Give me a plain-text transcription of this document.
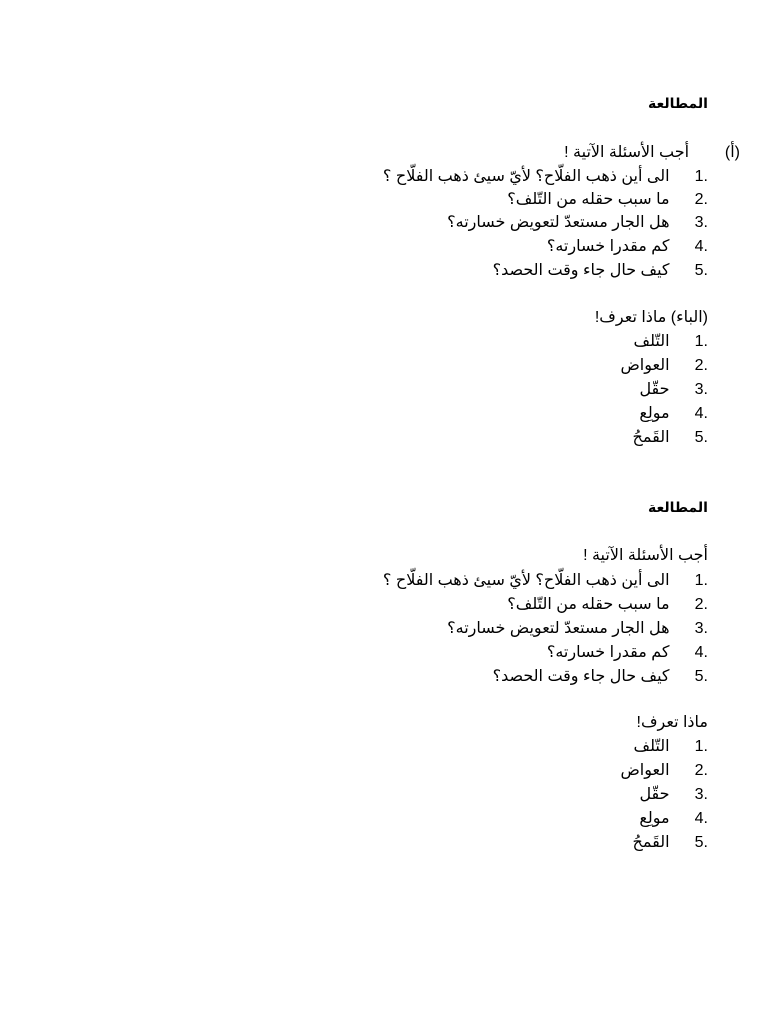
المطالعة
(أ)  أجب الأسئلة الآتية !
1. الى أين ذهب الفلّاح؟ لأيّ سيئ ذهب الفلّاح ؟
2. ما سبب حقله من التّلف؟
3. هل الجار مستعدّ لتعويض خسارته؟
4. كم مقدرا خسارته؟
5. كيف حال جاء وقت الحصد؟
(الباء) ماذا تعرف!
1. التّلف
2. العواض
3. حقّل
4. مولِع
5. القَمحُ
المطالعة
أجب الأسئلة الآتية !
1. الى أين ذهب الفلّاح؟ لأيّ سيئ ذهب الفلّاح ؟
2. ما سبب حقله من التّلف؟
3. هل الجار مستعدّ لتعويض خسارته؟
4. كم مقدرا خسارته؟
5. كيف حال جاء وقت الحصد؟
ماذا تعرف!
1. التّلف
2. العواض
3. حقّل
4. مولِع
5. القَمحُ
